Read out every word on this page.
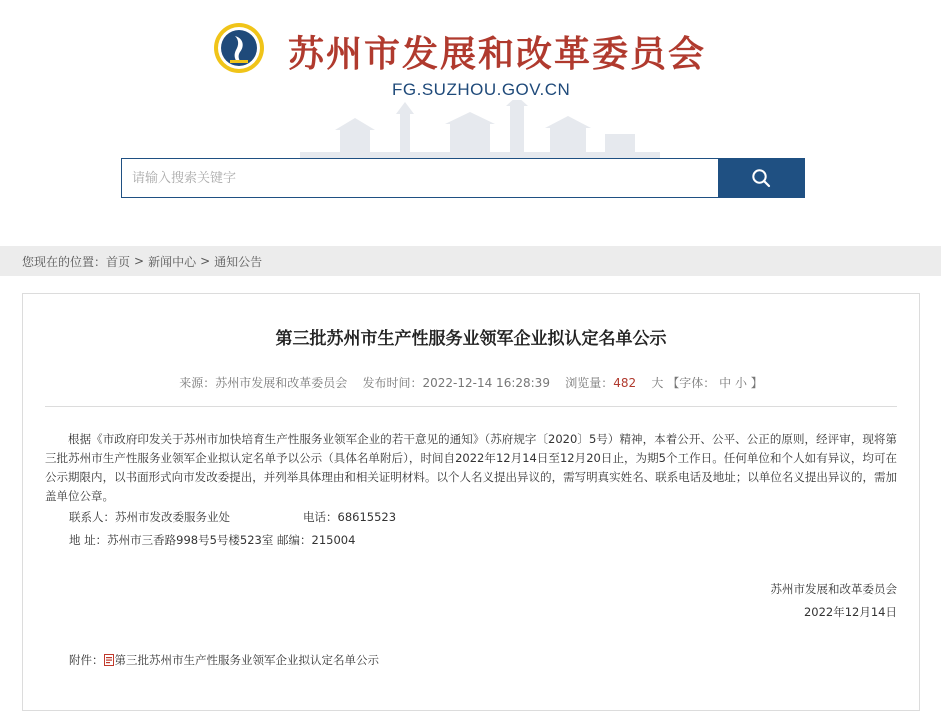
苏州市发展和改革委员会
FG.SUZHOU.GOV.CN
请输入搜索关键字
您现在的位置： 首页 > 新闻中心 > 通知公告
第三批苏州市生产性服务业领军企业拟认定名单公示
来源：苏州市发展和改革委员会 发布时间：2022-12-14 16:28:39 浏览量：482 大 【字体： 中 小 】
根据《市政府印发关于苏州市加快培育生产性服务业领军企业的若干意见的通知》（苏府规字〔2020〕5号）精神，本着公开、公平、公正的原则，经评审，现将第三批苏州市生产性服务业领军企业拟认定名单予以公示（具体名单附后），时间自2022年12月14日至12月20日止，为期5个工作日。任何单位和个人如有异议，均可在公示期限内，以书面形式向市发改委提出，并列举具体理由和相关证明材料。以个人名义提出异议的，需写明真实姓名、联系电话及地址；以单位名义提出异议的，需加盖单位公章。
联系人：苏州市发改委服务业处	电话：68615523
地 址：苏州市三香路998号5号楼523室 邮编：215004
苏州市发展和改革委员会
2022年12月14日
附件： 第三批苏州市生产性服务业领军企业拟认定名单公示
